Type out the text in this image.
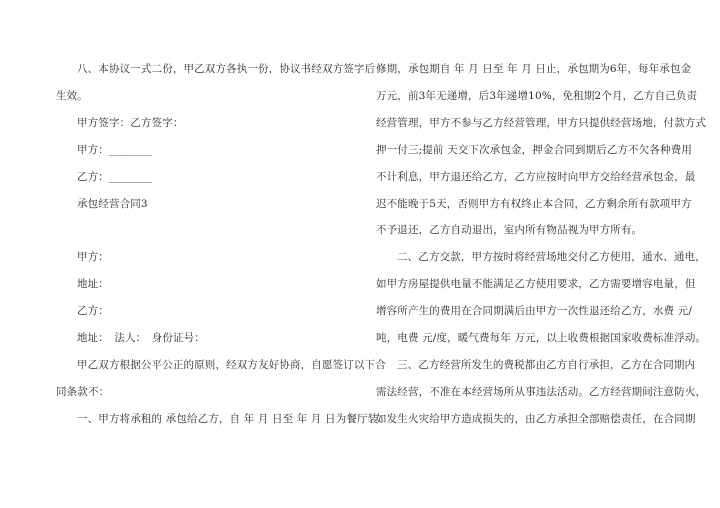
八、本协议一式二份，甲乙双方各执一份，协议书经双方签字后
生效。
甲方签字：乙方签字：
甲方：________
乙方：________
承包经营合同3
甲方：
地址：
乙方：
地址：　法人：　身份证号：
甲乙双方根据公平公正的原则，经双方友好协商，自愿签订以下合
同条款不：
一、甲方将承租的 承包给乙方，自 年 月 日至 年 月 日为餐厅装
修期，承包期自 年 月 日至 年 月 日止，承包期为6年，每年承包金
万元，前3年无递增，后3年递增10%，免租期2个月，乙方自己负责
经营管理，甲方不参与乙方经营管理，甲方只提供经营场地，付款方式
押一付三;提前 天交下次承包金，押金合同到期后乙方不欠各种费用
不计利息，甲方退还给乙方，乙方应按时向甲方交给经营承包金，最
迟不能晚于5天，否则甲方有权终止本合同，乙方剩余所有款项甲方
不予退还，乙方自动退出，室内所有物品视为甲方所有。
二、乙方交款，甲方按时将经营场地交付乙方使用，通水、通电，
如甲方房屋提供电量不能满足乙方使用要求，乙方需要增容电量，但
增容所产生的费用在合同期满后由甲方一次性退还给乙方，水费 元/
吨，电费 元/度，暖气费每年 万元，以上收费根据国家收费标准浮动。
三、乙方经营所发生的费税都由乙方自行承担，乙方在合同期内
需法经营，不准在本经营场所从事违法活动。乙方经营期间注意防火，
如发生火灾给甲方造成损失的，由乙方承担全部赔偿责任，在合同期
